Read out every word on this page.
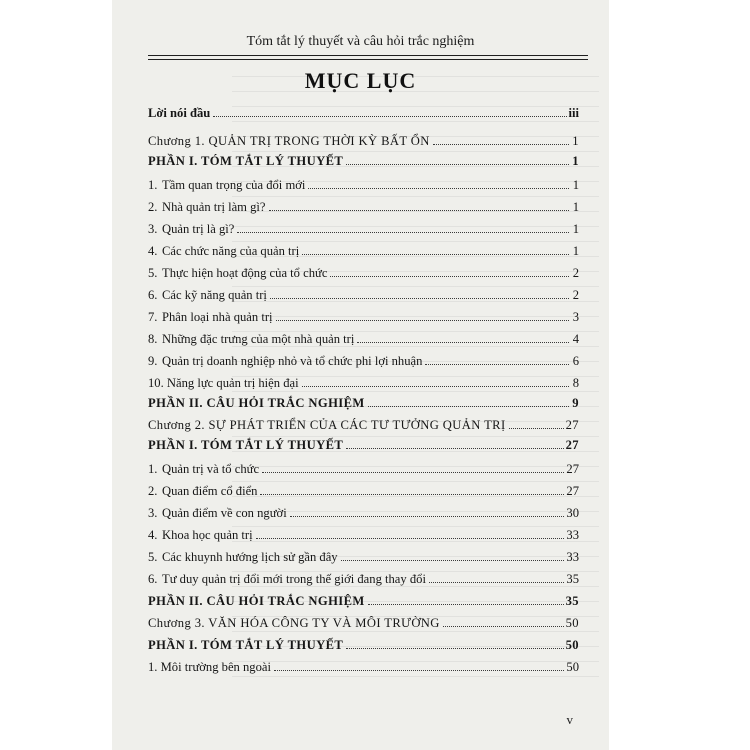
Tóm tắt lý thuyết và câu hỏi trắc nghiệm
MỤC LỤC
Lời nói đầu	iii
Chương 1. QUẢN TRỊ TRONG THỜI KỲ BẤT ỔN	1
PHẦN I. TÓM TẮT LÝ THUYẾT	1
1. Tầm quan trọng của đổi mới	1
2. Nhà quản trị làm gì?	1
3. Quản trị là gì?	1
4. Các chức năng của quản trị	1
5. Thực hiện hoạt động của tổ chức	2
6. Các kỹ năng quản trị	2
7. Phân loại nhà quản trị	3
8. Những đặc trưng của một nhà quản trị	4
9. Quản trị doanh nghiệp nhỏ và tổ chức phi lợi nhuận	6
10. Năng lực quản trị hiện đại	8
PHẦN II. CÂU HỎI TRẮC NGHIỆM	9
Chương 2. SỰ PHÁT TRIỂN CỦA CÁC TƯ TƯỞNG QUẢN TRỊ	27
PHẦN I. TÓM TẮT LÝ THUYẾT	27
1. Quản trị và tổ chức	27
2. Quan điểm cổ điển	27
3. Quản điểm về con người	30
4. Khoa học quản trị	33
5. Các khuynh hướng lịch sử gần đây	33
6. Tư duy quản trị đổi mới trong thế giới đang thay đổi	35
PHẦN II. CÂU HỎI TRẮC NGHIỆM	35
Chương 3. VĂN HÓA CÔNG TY VÀ MÔI TRƯỜNG	50
PHẦN I. TÓM TẮT LÝ THUYẾT	50
1. Môi trường bên ngoài	50
v
